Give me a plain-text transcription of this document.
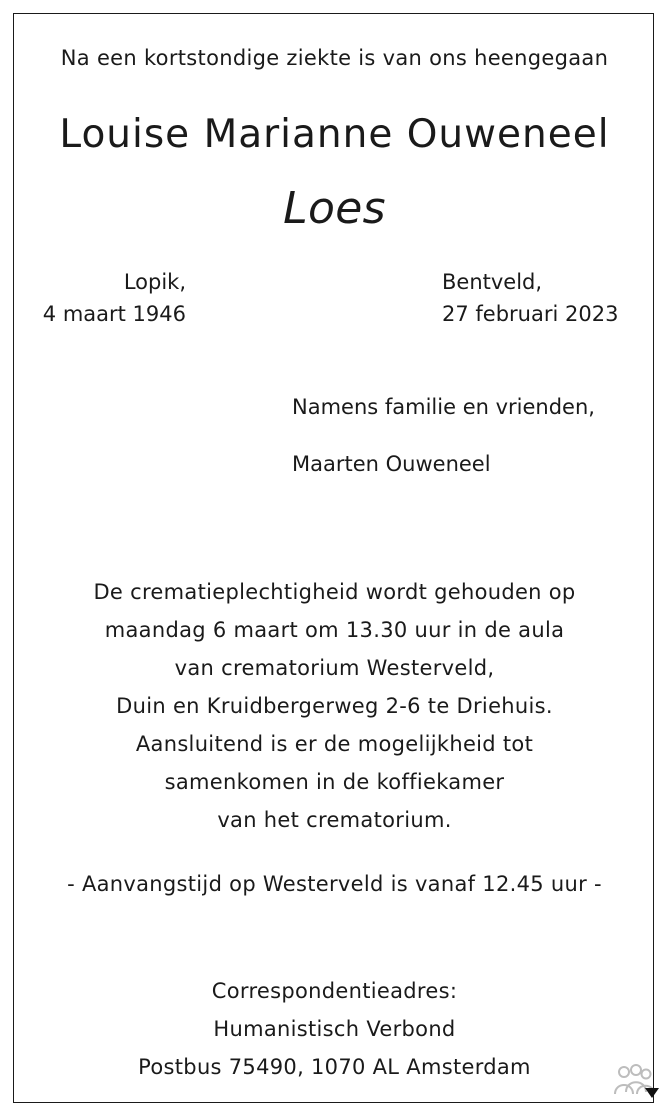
Na een kortstondige ziekte is van ons heengegaan
Louise Marianne Ouweneel
Loes
Lopik,
4 maart 1946
Bentveld,
27 februari 2023
Namens familie en vrienden,
Maarten Ouweneel
De crematieplechtigheid wordt gehouden op
maandag 6 maart om 13.30 uur in de aula
van crematorium Westerveld,
Duin en Kruidbergerweg 2-6 te Driehuis.
Aansluitend is er de mogelijkheid tot
samenkomen in de koffiekamer
van het crematorium.
- Aanvangstijd op Westerveld is vanaf 12.45 uur -
Correspondentieadres:
Humanistisch Verbond
Postbus 75490, 1070 AL Amsterdam
